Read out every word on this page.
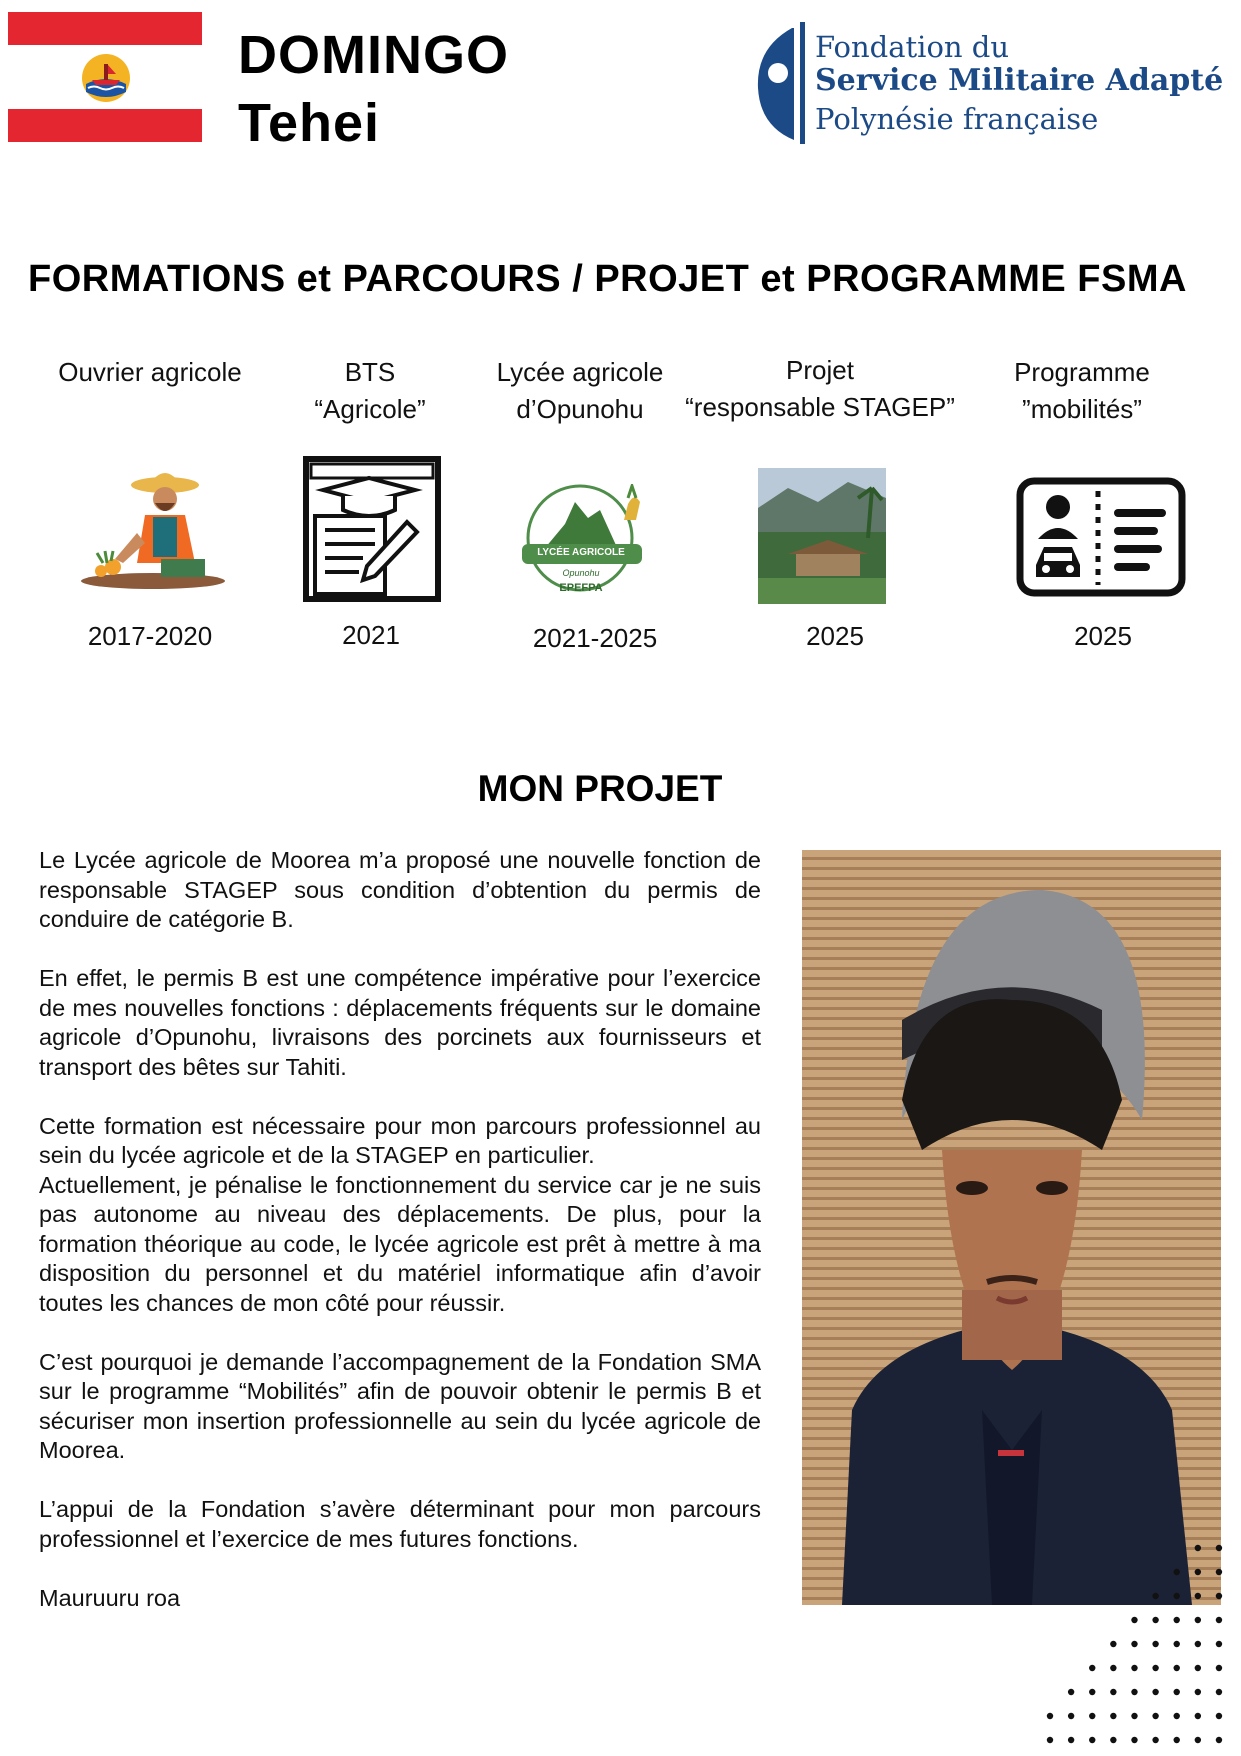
DOMINGO
Tehei
Fondation du
Service Militaire Adapté
Polynésie française
FORMATIONS et PARCOURS / PROJET et PROGRAMME FSMA
Ouvrier agricole
2017-2020
BTS
“Agricole”
2021
Lycée agricole
d’Opunohu
LYCÉE AGRICOLE
Opunohu
EPEFPA
2021-2025
Projet
“responsable STAGEP”
2025
Programme
”mobilités”
2025
MON PROJET

Le Lycée agricole de Moorea m’a proposé une nouvelle fonction de responsable STAGEP sous condition d’obtention du permis de conduire de catégorie B.

En effet, le permis B est une compétence impérative pour l’exercice de mes nouvelles fonctions : déplacements fréquents sur le domaine agricole d’Opunohu, livraisons des porcinets aux fournisseurs et transport des bêtes sur Tahiti.

Cette formation est nécessaire pour mon parcours professionnel au sein du lycée agricole et de la STAGEP en particulier.

Actuellement, je pénalise le fonctionnement du service car je ne suis pas autonome au niveau des déplacements. De plus, pour la formation théorique au code, le lycée agricole est prêt à mettre à ma disposition du personnel et du matériel informatique afin d’avoir toutes les chances de mon côté pour réussir.

C’est pourquoi je demande l’accompagnement de la Fondation SMA sur le programme “Mobilités” afin de pouvoir obtenir le permis B et sécuriser mon insertion professionnelle au sein du lycée agricole de Moorea.

L’appui de la Fondation s’avère déterminant pour mon parcours professionnel et l’exercice de mes futures fonctions.

Mauruuru roa
